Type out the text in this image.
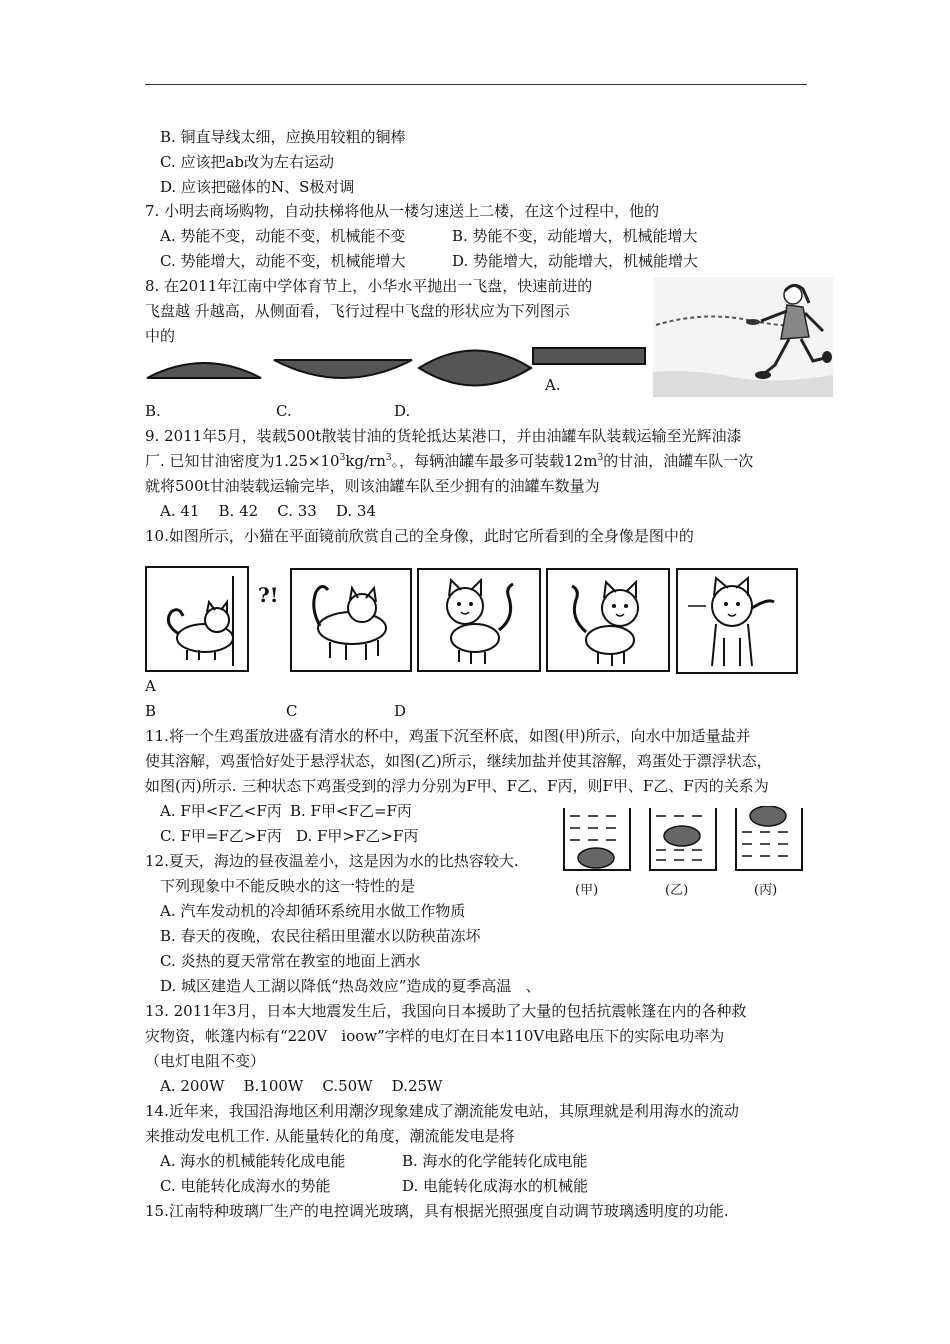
B. 铜直导线太细，应换用较粗的铜棒
C. 应该把ab改为左右运动
D. 应该把磁体的N、S极对调
7. 小明去商场购物，自动扶梯将他从一楼匀速送上二楼，在这个过程中，他的
A. 势能不变，动能不变，机械能不变	B. 势能不变，动能增大，机械能增大
C. 势能增大，动能不变，机械能增大	D. 势能增大，动能增大，机械能增大
8. 在2011年江南中学体育节上，小华水平抛出一飞盘，快速前进的
飞盘越 升越高，从侧面看，飞行过程中飞盘的形状应为下列图示
中的
A.
B.	C.	D.
9. 2011年5月，装载500t散装甘油的货轮抵达某港口，并由油罐车队装载运输至光辉油漆
厂. 已知甘油密度为$1.25\times 10^3kg/rn^3$。，每辆油罐车最多可装载$12m^3$的甘油，油罐车队一次
就将500t甘油装载运输完毕，则该油罐车队至少拥有的油罐车数量为
A. 41    B. 42    C. 33    D. 34
10.如图所示，小猫在平面镜前欣赏自己的全身像，此时它所看到的全身像是图中的
?!
A
B	C	D
11.将一个生鸡蛋放进盛有清水的杯中，鸡蛋下沉至杯底，如图(甲)所示，向水中加适量盐并
使其溶解，鸡蛋恰好处于悬浮状态，如图(乙)所示，继续加盐并使其溶解，鸡蛋处于漂浮状态，
如图(丙)所示. 三种状态下鸡蛋受到的浮力分别为F甲、F乙、F丙，则F甲、F乙、F丙的关系为
A. F甲<F乙<F丙 B. F甲<F乙=F丙
C. F甲=F乙>F丙 D. F甲>F乙>F丙
(甲)	(乙)	(丙)
12.夏天，海边的昼夜温差小，这是因为水的比热容较大.
下列现象中不能反映水的这一特性的是
A. 汽车发动机的冷却循环系统用水做工作物质
B. 春天的夜晚，农民往稻田里灌水以防秧苗冻坏
C. 炎热的夏天常常在教室的地面上洒水
D. 城区建造人工湖以降低“热岛效应”造成的夏季高温   、
13. 2011年3月，日本大地震发生后，我国向日本援助了大量的包括抗震帐篷在内的各种救
灾物资，帐篷内标有“220V   ioow”字样的电灯在日本110V电路电压下的实际电功率为
（电灯电阻不变）
A. 200W    B.100W    C.50W    D.25W
14.近年来，我国沿海地区利用潮汐现象建成了潮流能发电站，其原理就是利用海水的流动
来推动发电机工作. 从能量转化的角度，潮流能发电是将
A. 海水的机械能转化成电能	B. 海水的化学能转化成电能
C. 电能转化成海水的势能	D. 电能转化成海水的机械能
15.江南特种玻璃厂生产的电控调光玻璃，具有根据光照强度自动调节玻璃透明度的功能.
